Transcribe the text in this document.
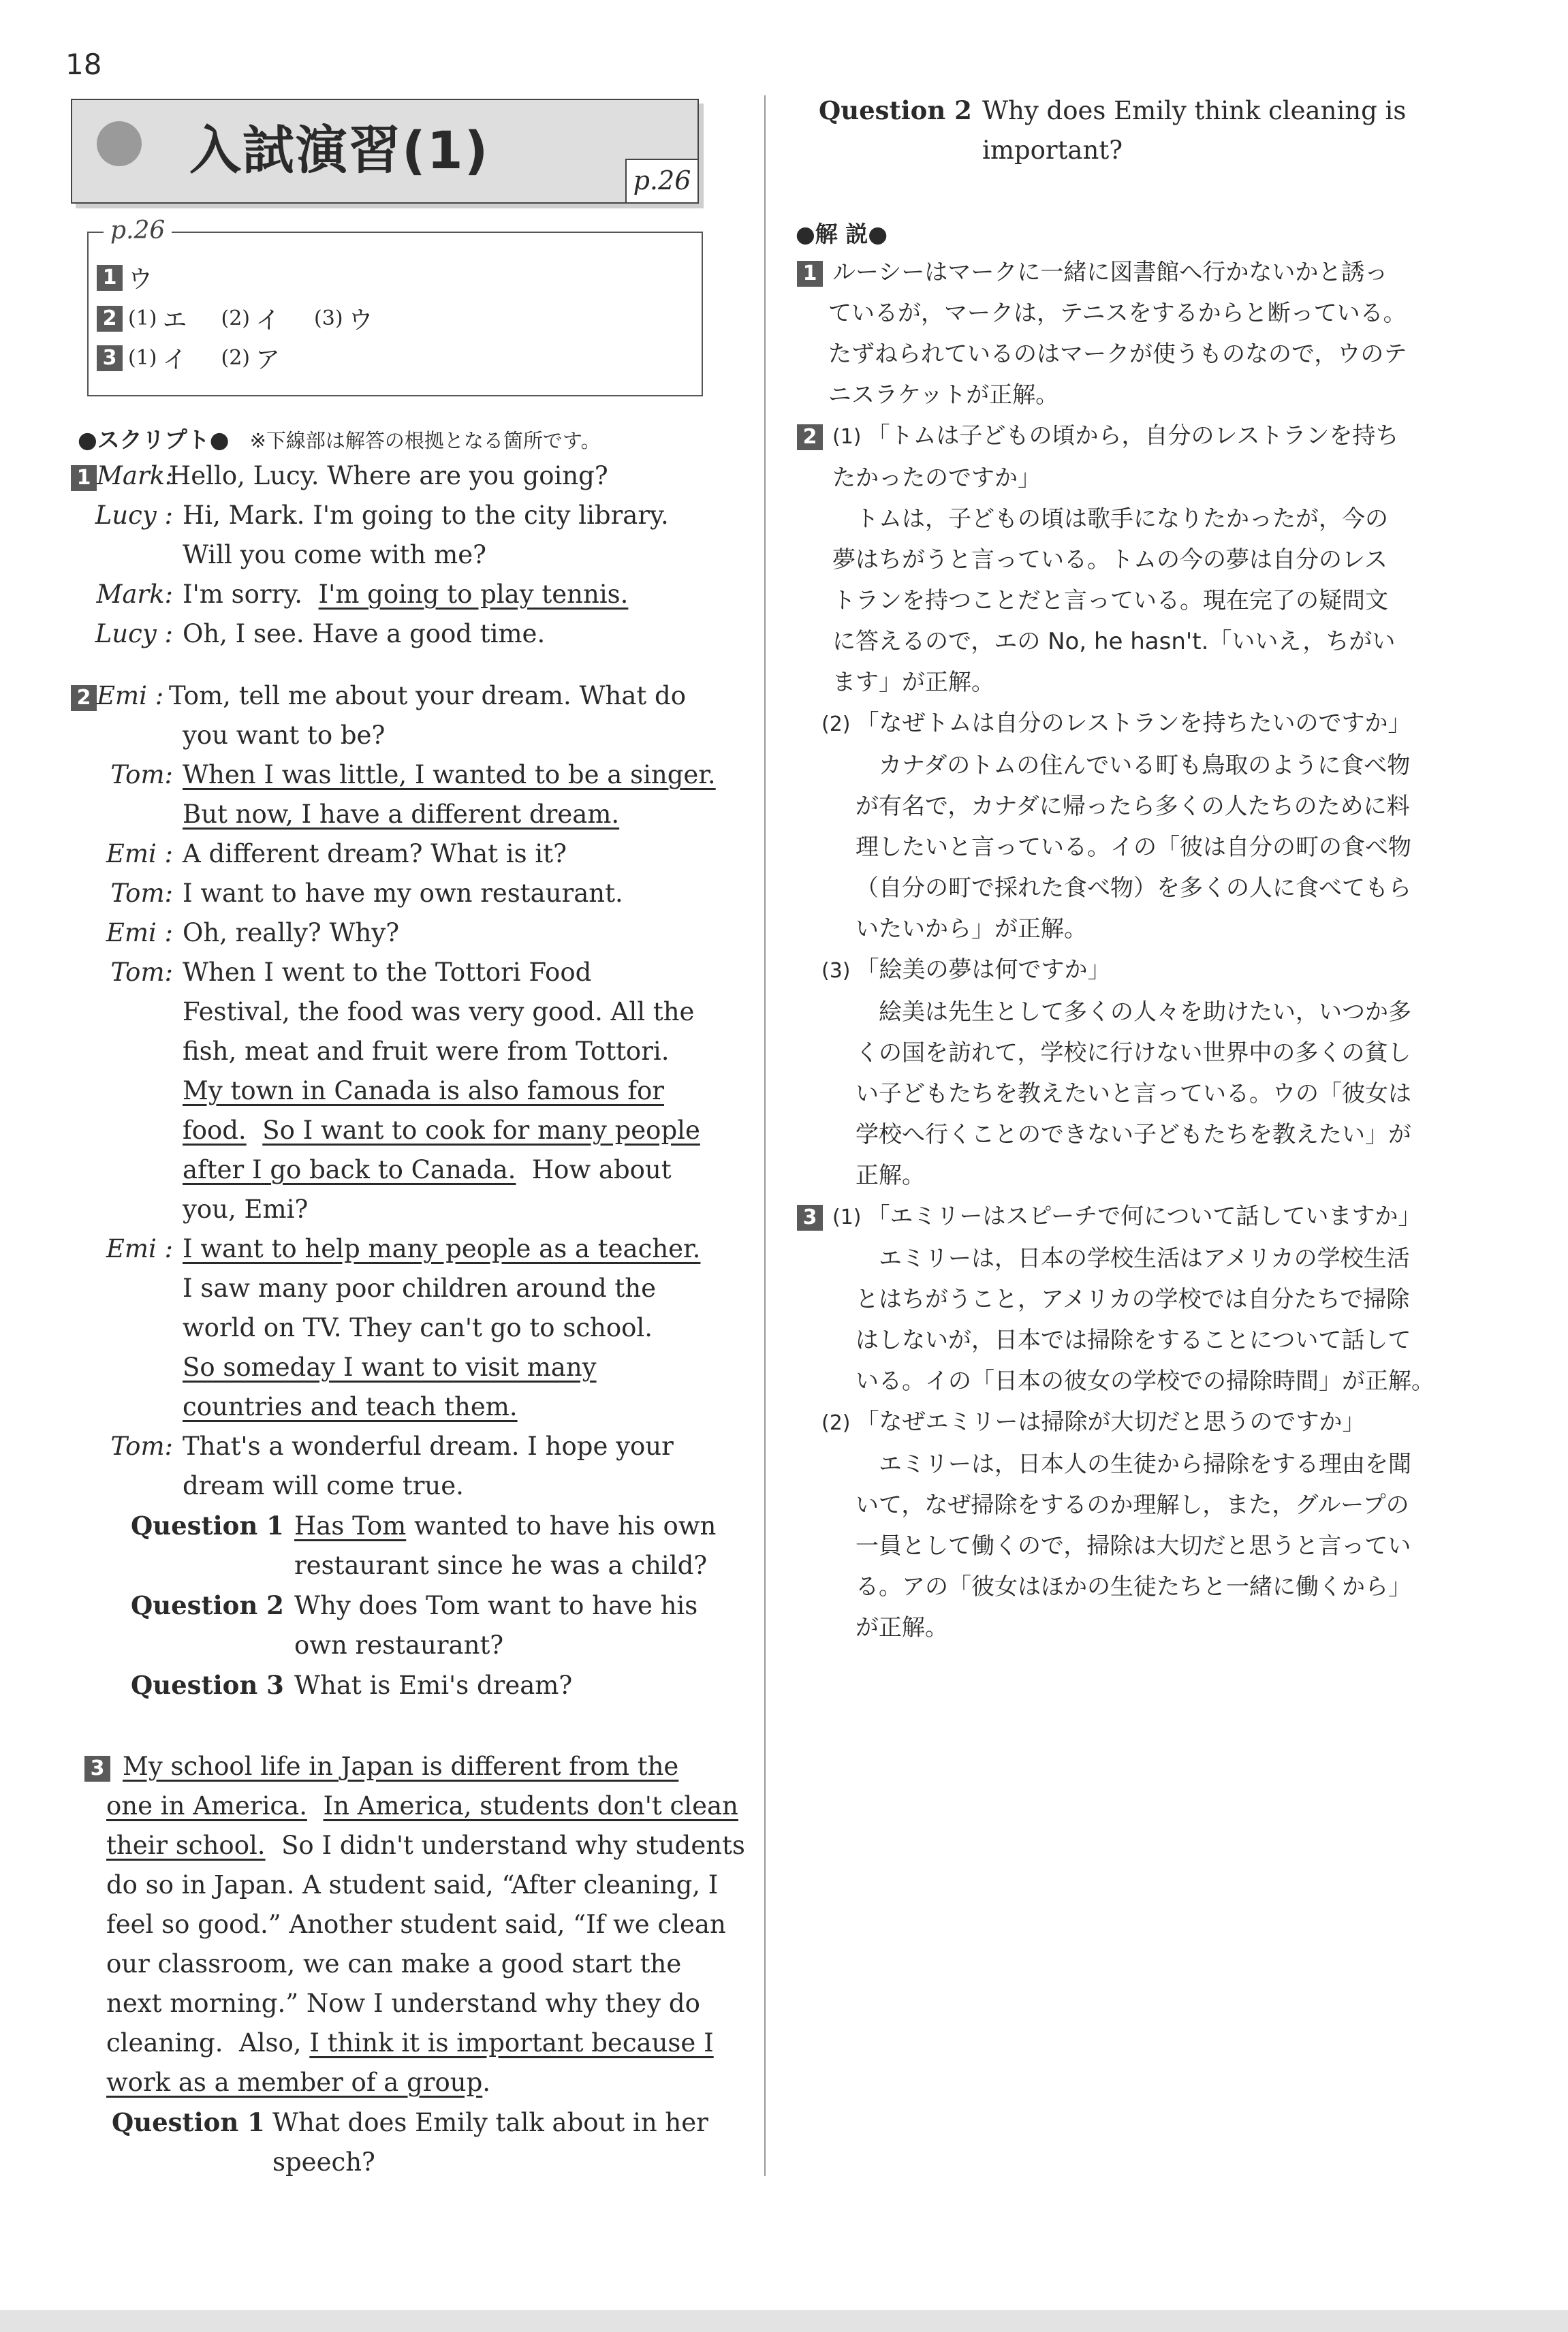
18
入試演習(1)	p.26
p.26
1 ウ
2 (1) エ (2) イ (3) ウ
3 (1) イ (2) ア
●スクリプト● ※下線部は解答の根拠となる箇所です。
1 Mark:Hello, Lucy. Where are you going?
Lucy : Hi, Mark. I'm going to the city library.
Will you come with me?
Mark: I'm sorry.  I'm going to play tennis.
Lucy : Oh, I see. Have a good time.
2 Emi : Tom, tell me about your dream. What do
you want to be?
Tom: When I was little, I wanted to be a singer.
But now, I have a different dream.
Emi : A different dream? What is it?
Tom: I want to have my own restaurant.
Emi : Oh, really? Why?
Tom: When I went to the Tottori Food
Festival, the food was very good. All the
fish, meat and fruit were from Tottori.
My town in Canada is also famous for
food. So I want to cook for many people
after I go back to Canada.  How about
you, Emi?
Emi : I want to help many people as a teacher.
I saw many poor children around the
world on TV. They can't go to school.
So someday I want to visit many
countries and teach them.
Tom: That's a wonderful dream. I hope your
dream will come true.
Question 1 Has Tom wanted to have his own
restaurant since he was a child?
Question 2 Why does Tom want to have his
own restaurant?
Question 3 What is Emi's dream?
3 My school life in Japan is different from the
one in America. In America, students don't clean
their school.  So I didn't understand why students
do so in Japan. A student said, “After cleaning, I
feel so good.” Another student said, “If we clean
our classroom, we can make a good start the
next morning.” Now I understand why they do
cleaning.  Also, I think it is important because I
work as a member of a group.
Question 1 What does Emily talk about in her
speech?
Question 2 Why does Emily think cleaning is
important?
●解 説●
1 ルーシーはマークに一緒に図書館へ行かないかと誘っ
ているが，マークは，テニスをするからと断っている。
たずねられているのはマークが使うものなので，ウのテ
ニスラケットが正解。
2 (1) 「トムは子どもの頃から，自分のレストランを持ち
たかったのですか」
　トムは，子どもの頃は歌手になりたかったが，今の
夢はちがうと言っている。トムの今の夢は自分のレス
トランを持つことだと言っている。現在完了の疑問文
に答えるので，エの No, he hasn't.「いいえ，ちがい
ます」が正解。
(2) 「なぜトムは自分のレストランを持ちたいのですか」
　カナダのトムの住んでいる町も鳥取のように食べ物
が有名で，カナダに帰ったら多くの人たちのために料
理したいと言っている。イの「彼は自分の町の食べ物
（自分の町で採れた食べ物）を多くの人に食べてもら
いたいから」が正解。
(3) 「絵美の夢は何ですか」
　絵美は先生として多くの人々を助けたい，いつか多
くの国を訪れて，学校に行けない世界中の多くの貧し
い子どもたちを教えたいと言っている。ウの「彼女は
学校へ行くことのできない子どもたちを教えたい」が
正解。
3 (1) 「エミリーはスピーチで何について話していますか」
　エミリーは，日本の学校生活はアメリカの学校生活
とはちがうこと，アメリカの学校では自分たちで掃除
はしないが，日本では掃除をすることについて話して
いる。イの「日本の彼女の学校での掃除時間」が正解。
(2) 「なぜエミリーは掃除が大切だと思うのですか」
　エミリーは，日本人の生徒から掃除をする理由を聞
いて，なぜ掃除をするのか理解し，また，グループの
一員として働くので，掃除は大切だと思うと言ってい
る。アの「彼女はほかの生徒たちと一緒に働くから」
が正解。
